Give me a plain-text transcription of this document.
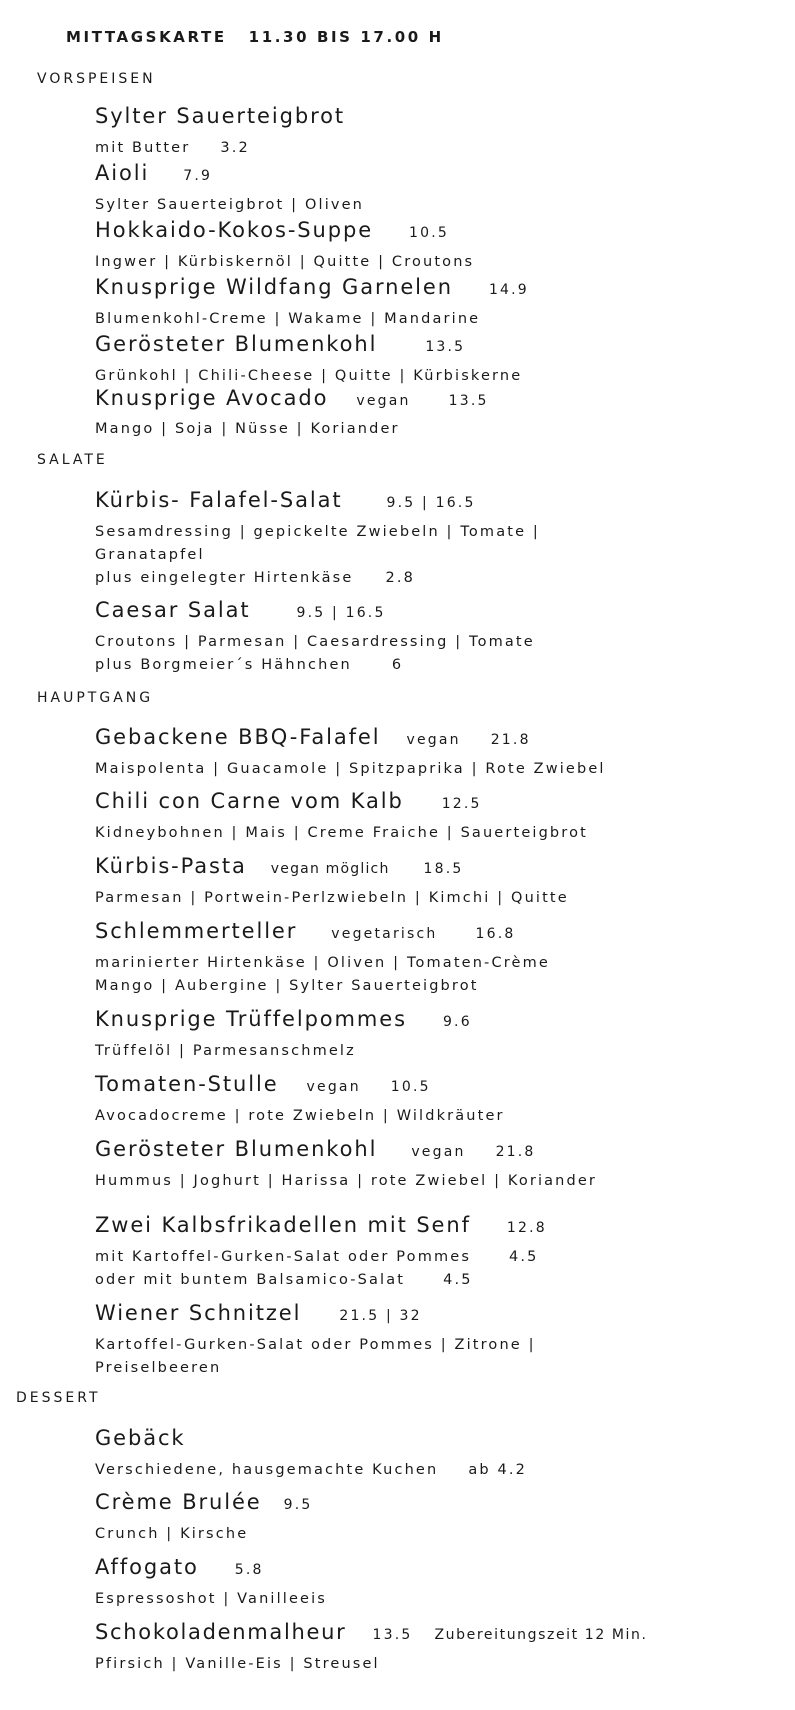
MITTAGSKARTE 11.30 BIS 17.00 H
VORSPEISEN
Sylter Sauerteigbrot
mit Butter 3.2
Aioli 7.9
Sylter Sauerteigbrot | Oliven
Hokkaido-Kokos-Suppe	10.5
Ingwer | Kürbiskernöl | Quitte | Croutons
Knusprige Wildfang Garnelen	14.9
Blumenkohl-Creme | Wakame | Mandarine
Gerösteter Blumenkohl	13.5
Grünkohl | Chili-Cheese | Quitte | Kürbiskerne
Knusprige Avocado vegan	13.5
Mango | Soja | Nüsse | Koriander
SALATE
Kürbis- Falafel-Salat	9.5 | 16.5
Sesamdressing | gepickelte Zwiebeln | Tomate |
Granatapfel
plus eingelegter Hirtenkäse 2.8
Caesar Salat	9.5 | 16.5
Croutons | Parmesan | Caesardressing | Tomate
plus Borgmeier´s Hähnchen	6
HAUPTGANG
Gebackene BBQ-Falafel vegan 21.8
Maispolenta | Guacamole | Spitzpaprika | Rote Zwiebel
Chili con Carne vom Kalb	12.5
Kidneybohnen | Mais | Creme Fraiche | Sauerteigbrot
Kürbis-Pasta vegan möglich 18.5
Parmesan | Portwein-Perlzwiebeln | Kimchi | Quitte
Schlemmerteller vegetarisch	16.8
marinierter Hirtenkäse | Oliven | Tomaten-Crème
Mango | Aubergine | Sylter Sauerteigbrot
Knusprige Trüffelpommes	9.6
Trüffelöl | Parmesanschmelz
Tomaten-Stulle vegan 10.5
Avocadocreme | rote Zwiebeln | Wildkräuter
Gerösteter Blumenkohl vegan 21.8
Hummus | Joghurt | Harissa | rote Zwiebel | Koriander
Zwei Kalbsfrikadellen mit Senf	12.8
mit Kartoffel-Gurken-Salat oder Pommes	4.5
oder mit buntem Balsamico-Salat	4.5
Wiener Schnitzel	21.5 | 32
Kartoffel-Gurken-Salat oder Pommes | Zitrone |
Preiselbeeren
DESSERT
Gebäck
Verschiedene, hausgemachte Kuchen ab 4.2
Crème Brulée 9.5
Crunch | Kirsche
Affogato	5.8
Espressoshot | Vanilleeis
Schokoladenmalheur 13.5 Zubereitungszeit 12 Min.
Pfirsich | Vanille-Eis | Streusel
